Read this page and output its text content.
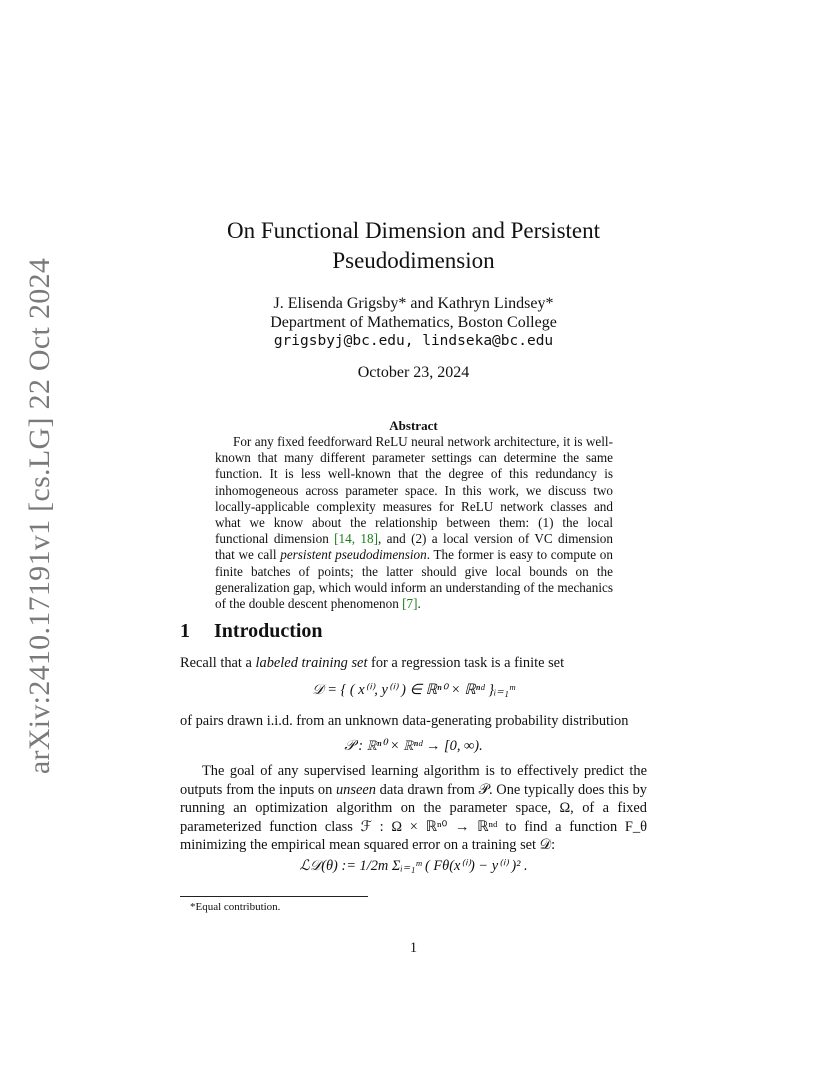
arXiv:2410.17191v1 [cs.LG] 22 Oct 2024
On Functional Dimension and Persistent
Pseudodimension
J. Elisenda Grigsby* and Kathryn Lindsey*
Department of Mathematics, Boston College
grigsbyj@bc.edu, lindseka@bc.edu
October 23, 2024
Abstract
For any fixed feedforward ReLU neural network architecture, it is well-known that many different parameter settings can determine the same function. It is less well-known that the degree of this redundancy is inhomogeneous across parameter space. In this work, we discuss two locally-applicable complexity measures for ReLU network classes and what we know about the relationship between them: (1) the local functional dimension [14, 18], and (2) a local version of VC dimension that we call persistent pseudodimension. The former is easy to compute on finite batches of points; the latter should give local bounds on the generalization gap, which would inform an understanding of the mechanics of the double descent phenomenon [7].
1 Introduction
Recall that a labeled training set for a regression task is a finite set
𝒟 = { ( x⁽ⁱ⁾, y⁽ⁱ⁾ ) ∈ ℝⁿ⁰ × ℝⁿᵈ }ᵢ₌₁ᵐ
of pairs drawn i.i.d. from an unknown data-generating probability distribution
𝒫 : ℝⁿ⁰ × ℝⁿᵈ → [0, ∞).
The goal of any supervised learning algorithm is to effectively predict the outputs from the inputs on unseen data drawn from 𝒫. One typically does this by running an optimization algorithm on the parameter space, Ω, of a fixed parameterized function class ℱ : Ω × ℝⁿ⁰ → ℝⁿᵈ to find a function F_θ minimizing the empirical mean squared error on a training set 𝒟:
ℒ𝒟(θ) := 1/2m Σᵢ₌₁ᵐ ( Fθ(x⁽ⁱ⁾) − y⁽ⁱ⁾ )² .
*Equal contribution.
1
